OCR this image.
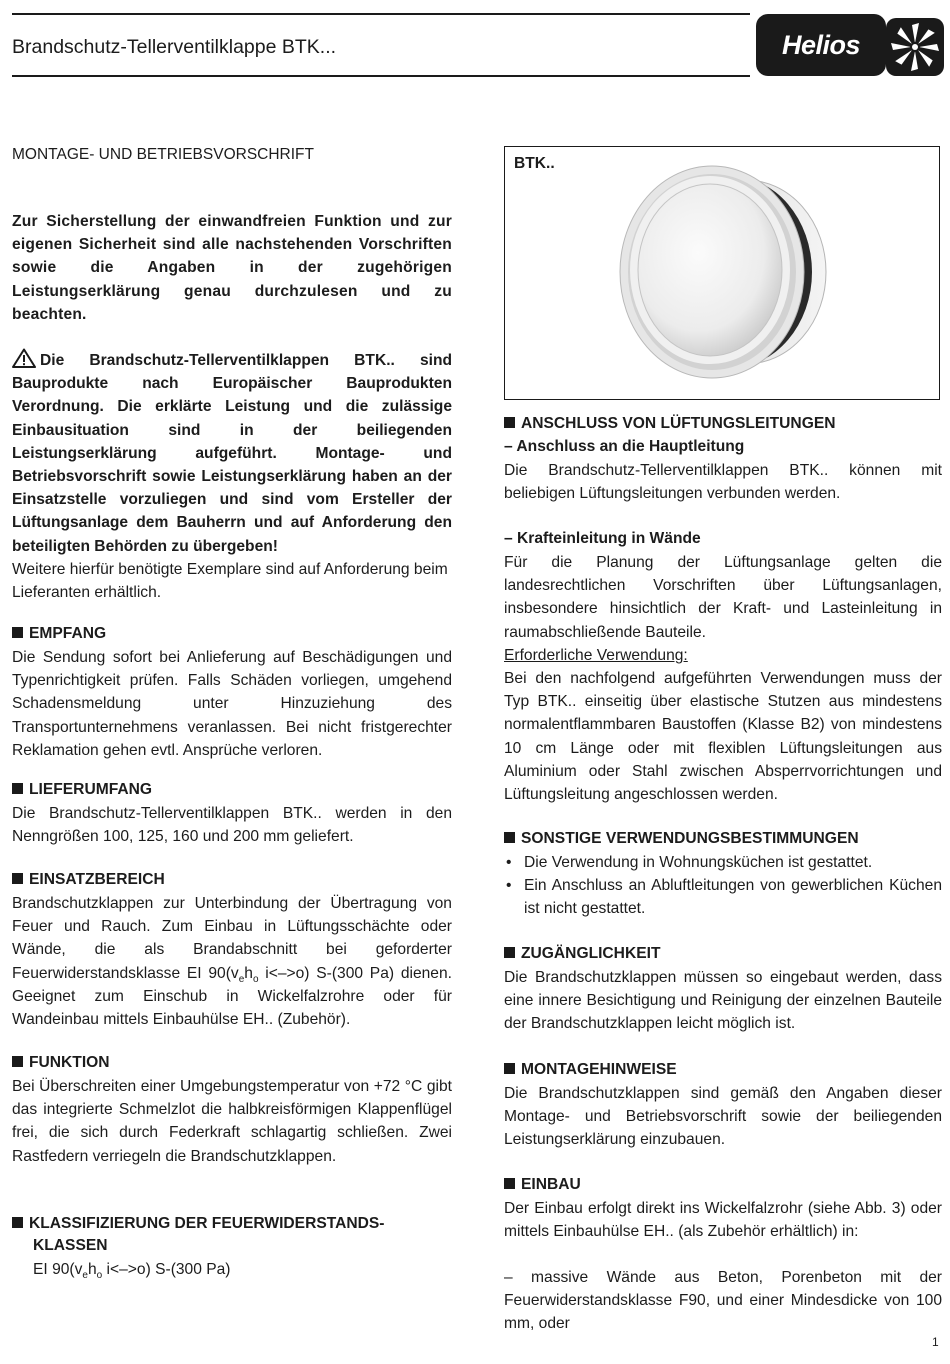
Brandschutz-Tellerventilklappe BTK...	Helios
MONTAGE- UND BETRIEBSVORSCHRIFT
BTK..
Zur Sicherstellung der einwandfreien Funktion und zur eigenen Sicherheit sind alle nachstehenden Vorschriften sowie die Angaben in der zugehörigen Leistungserklärung genau durchzulesen und zu beachten.
Die Brandschutz-Tellerventilklappen BTK.. sind Bauprodukte nach Europäischer Bauprodukten Verordnung. Die erklärte Leistung und die zulässige Einbausituation sind in der beiliegenden Leistungserklärung aufgeführt. Montage- und Betriebsvorschrift sowie Leistungserklärung haben an der Einsatzstelle vorzuliegen und sind vom Ersteller der Lüftungsanlage dem Bauherrn und auf Anforderung den beteiligten Behörden zu übergeben!
Weitere hierfür benötigte Exemplare sind auf Anforderung beim Lieferanten erhältlich.
EMPFANG
Die Sendung sofort bei Anlieferung auf Beschädigungen und Typenrichtigkeit prüfen. Falls Schäden vorliegen, umgehend Schadensmeldung unter Hinzuziehung des Transportunternehmens veranlassen. Bei nicht fristgerechter Reklamation gehen evtl. Ansprüche verloren.
LIEFERUMFANG
Die Brandschutz-Tellerventilklappen BTK.. werden in den Nenngrößen 100, 125, 160 und 200 mm geliefert.
EINSATZBEREICH
Brandschutzklappen zur Unterbindung der Übertragung von Feuer und Rauch. Zum Einbau in Lüftungsschächte oder Wände, die als Brandabschnitt bei geforderter Feuerwiderstandsklasse EI $90(v_eh_o$ i<–>o) S-(300 Pa) dienen. Geeignet zum Einschub in Wickelfalzrohre oder für Wandeinbau mittels Einbauhülse EH.. (Zubehör).
FUNKTION
Bei Überschreiten einer Umgebungstemperatur von +72 °C gibt das integrierte Schmelzlot die halbkreisförmigen Klappenflügel frei, die sich durch Federkraft schlagartig schließen. Zwei Rastfedern verriegeln die Brandschutzklappen.
KLASSIFIZIERUNG DER FEUERWIDERSTANDS-
KLASSEN
EI $90(v_eh_o$ i<–>o) S-(300 Pa)
ANSCHLUSS VON LÜFTUNGSLEITUNGEN
– Anschluss an die Hauptleitung
Die Brandschutz-Tellerventilklappen BTK.. können mit beliebigen Lüftungsleitungen verbunden werden.
– Krafteinleitung in Wände
Für die Planung der Lüftungsanlage gelten die landesrechtlichen Vorschriften über Lüftungsanlagen, insbesondere hinsichtlich der Kraft- und Lasteinleitung in raumabschließende Bauteile.
Erforderliche Verwendung:
Bei den nachfolgend aufgeführten Verwendungen muss der Typ BTK.. einseitig über elastische Stutzen aus mindestens normalentflammbaren Baustoffen (Klasse B2) von mindestens 10 cm Länge oder mit flexiblen Lüftungsleitungen aus Aluminium oder Stahl zwischen Absperrvorrichtungen und Lüftungsleitung angeschlossen werden.
SONSTIGE VERWENDUNGSBESTIMMUNGEN
• Die Verwendung in Wohnungsküchen ist gestattet.
• Ein Anschluss an Abluftleitungen von gewerblichen Küchen ist nicht gestattet.
ZUGÄNGLICHKEIT
Die Brandschutzklappen müssen so eingebaut werden, dass eine innere Besichtigung und Reinigung der einzelnen Bauteile der Brandschutzklappen leicht möglich ist.
MONTAGEHINWEISE
Die Brandschutzklappen sind gemäß den Angaben dieser Montage- und Betriebsvorschrift sowie der beiliegenden Leistungserklärung einzubauen.
EINBAU
Der Einbau erfolgt direkt ins Wickelfalzrohr (siehe Abb. 3) oder mittels Einbauhülse EH.. (als Zubehör erhältlich) in:
– massive Wände aus Beton, Porenbeton mit der Feuerwiderstandsklasse F90, und einer Mindesdicke von 100 mm, oder
1
